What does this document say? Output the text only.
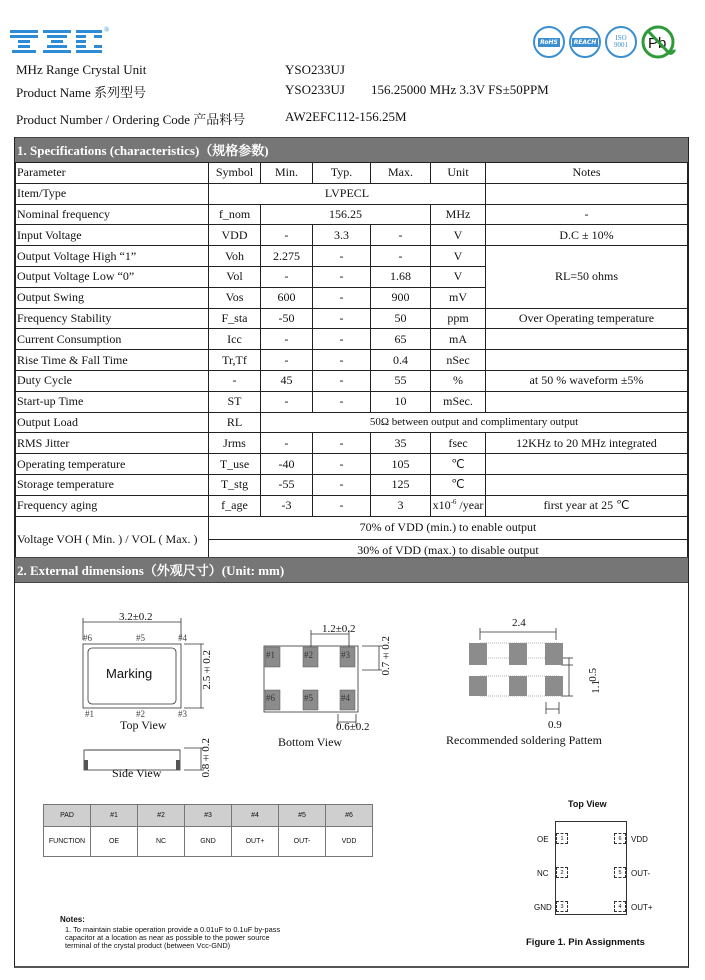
®
RoHS	REACH	ISO
9001 Pb
MHz Range Crystal Unit	YSO233UJ
Product Name 系列型号	YSO233UJ 156.25000 MHz 3.3V FS±50PPM
Product Number / Ordering Code 产品料号	AW2EFC112-156.25M
1. Specifications (characteristics)（规格参数)
Parameter	Symbol	Min.	Typ.	Max.	Unit	Notes
Item/Type	LVPECL					
Nominal frequency	f_nom	156.25			MHz	-
Input Voltage	VDD	-	3.3	-	V	D.C ± 10%
Output Voltage High “1”	Voh	2.275	-	-	V	RL=50 ohms
Output Voltage Low “0”	Vol	-	-	1.68	V	
Output Swing	Vos	600	-	900	mV	
Frequency Stability	F_sta	-50	-	50	ppm	Over Operating temperature
Current Consumption	Icc	-	-	65	mA	
Rise Time & Fall Time	Tr,Tf	-	-	0.4	nSec	
Duty Cycle	-	45	-	55	%	at 50 % waveform ±5%
Start-up Time	ST	-	-	10	mSec.	
Output Load	RL	50Ω between output and complimentary output				
RMS Jitter	Jrms	-	-	35	fsec	12KHz to 20 MHz integrated
Operating temperature	T_use	-40	-	105	℃	
Storage temperature	T_stg	-55	-	125	℃	
Frequency aging	f_age	-3	-	3	$x10^{-6}$ /year	first year at 25 ℃
Voltage VOH ( Min. ) / VOL ( Max. )	70% of VDD (min.) to enable output					
	30% of VDD (max.) to disable output					
2. External dimensions（外观尺寸）(Unit: mm)
3.2±0.2
#6	#5	#4
Marking	2.5±0.2
#1	#2	#3
Top View
0.8±0.2
Side View
1.2±0.2
0.7±0.2
#1	#2	#3
#6	#5	#4
0.6±0.2
Bottom View
2.4
0.5
1.1
0.9
Recommended soldering Pattem
PAD	#1	#2	#3	#4	#5	#6
FUNCTION	OE	NC	GND	OUT+	OUT-	VDD
Notes:
1. To maintain stabie operation provide a 0.01uF to 0.1uF by-pass
capacitor at a location as near as possible to the power source
terminal of the crystal product (between Vcc-GND)
Top View
1
2
3
6
5
4
OE
NC
GND
VDD
OUT-
OUT+
Figure 1. Pin Assignments
